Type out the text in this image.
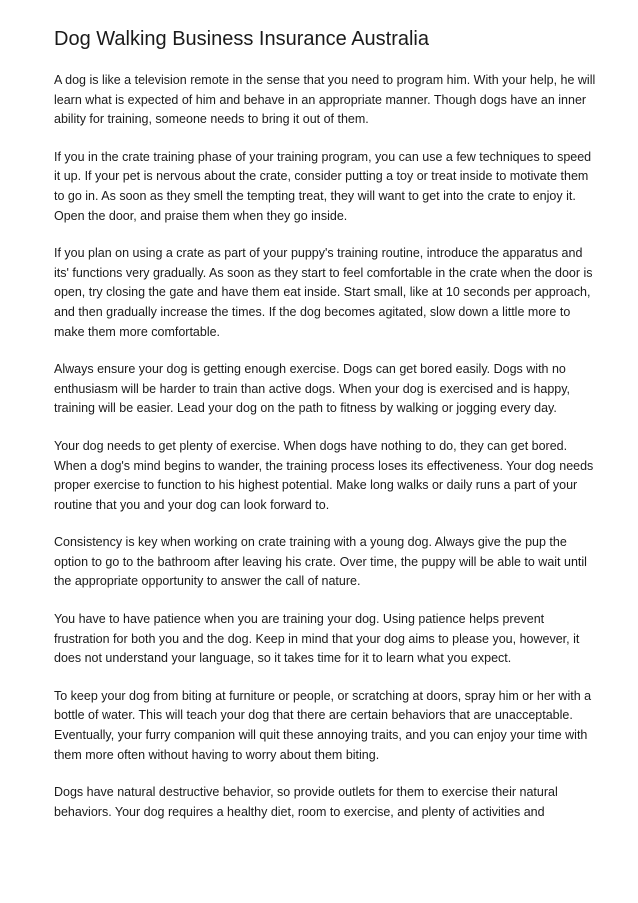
Dog Walking Business Insurance Australia

A dog is like a television remote in the sense that you need to program him. With your help, he will learn what is expected of him and behave in an appropriate manner. Though dogs have an inner ability for training, someone needs to bring it out of them.

If you in the crate training phase of your training program, you can use a few techniques to speed it up. If your pet is nervous about the crate, consider putting a toy or treat inside to motivate them to go in. As soon as they smell the tempting treat, they will want to get into the crate to enjoy it. Open the door, and praise them when they go inside.

If you plan on using a crate as part of your puppy's training routine, introduce the apparatus and its' functions very gradually. As soon as they start to feel comfortable in the crate when the door is open, try closing the gate and have them eat inside. Start small, like at 10 seconds per approach, and then gradually increase the times. If the dog becomes agitated, slow down a little more to make them more comfortable.

Always ensure your dog is getting enough exercise. Dogs can get bored easily. Dogs with no enthusiasm will be harder to train than active dogs. When your dog is exercised and is happy, training will be easier. Lead your dog on the path to fitness by walking or jogging every day.

Your dog needs to get plenty of exercise. When dogs have nothing to do, they can get bored. When a dog's mind begins to wander, the training process loses its effectiveness. Your dog needs proper exercise to function to his highest potential. Make long walks or daily runs a part of your routine that you and your dog can look forward to.

Consistency is key when working on crate training with a young dog. Always give the pup the option to go to the bathroom after leaving his crate. Over time, the puppy will be able to wait until the appropriate opportunity to answer the call of nature.

You have to have patience when you are training your dog. Using patience helps prevent frustration for both you and the dog. Keep in mind that your dog aims to please you, however, it does not understand your language, so it takes time for it to learn what you expect.

To keep your dog from biting at furniture or people, or scratching at doors, spray him or her with a bottle of water. This will teach your dog that there are certain behaviors that are unacceptable. Eventually, your furry companion will quit these annoying traits, and you can enjoy your time with them more often without having to worry about them biting.

Dogs have natural destructive behavior, so provide outlets for them to exercise their natural behaviors. Your dog requires a healthy diet, room to exercise, and plenty of activities and
